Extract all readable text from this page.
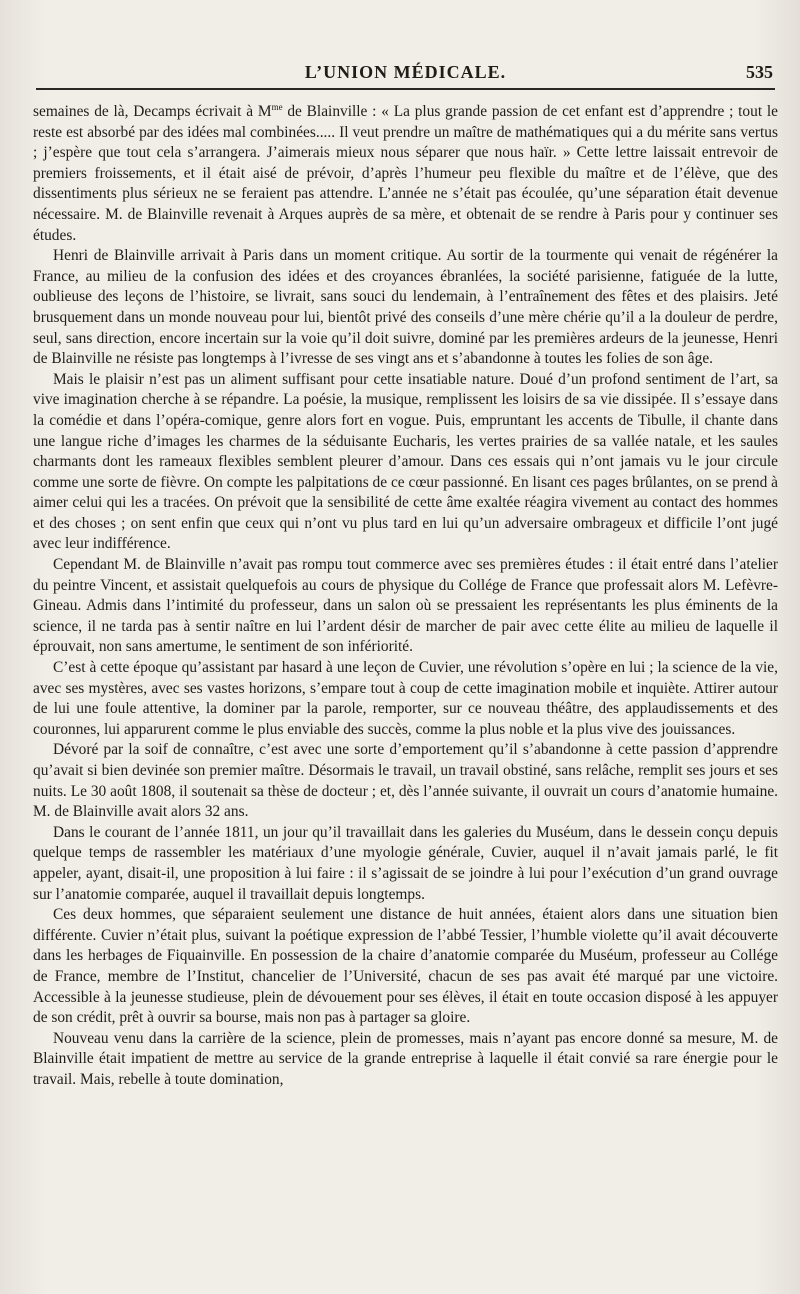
L’UNION MÉDICALE.	535

semaines de là, Decamps écrivait à $M^{me}$ de Blainville : « La plus grande passion de cet enfant est d’apprendre ; tout le reste est absorbé par des idées mal combinées..... Il veut prendre un maître de mathématiques qui a du mérite sans vertus ; j’espère que tout cela s’arrangera. J’aimerais mieux nous séparer que nous haïr. » Cette lettre laissait entrevoir de premiers froissements, et il était aisé de prévoir, d’après l’humeur peu flexible du maître et de l’élève, que des dissentiments plus sérieux ne se feraient pas attendre. L’année ne s’était pas écoulée, qu’une séparation était devenue nécessaire. M. de Blainville revenait à Arques auprès de sa mère, et obtenait de se rendre à Paris pour y continuer ses études.

Henri de Blainville arrivait à Paris dans un moment critique. Au sortir de la tourmente qui venait de régénérer la France, au milieu de la confusion des idées et des croyances ébranlées, la société parisienne, fatiguée de la lutte, oublieuse des leçons de l’histoire, se livrait, sans souci du lendemain, à l’entraînement des fêtes et des plaisirs. Jeté brusquement dans un monde nouveau pour lui, bientôt privé des conseils d’une mère chérie qu’il a la douleur de perdre, seul, sans direction, encore incertain sur la voie qu’il doit suivre, dominé par les premières ardeurs de la jeunesse, Henri de Blainville ne résiste pas longtemps à l’ivresse de ses vingt ans et s’abandonne à toutes les folies de son âge.

Mais le plaisir n’est pas un aliment suffisant pour cette insatiable nature. Doué d’un profond sentiment de l’art, sa vive imagination cherche à se répandre. La poésie, la musique, remplissent les loisirs de sa vie dissipée. Il s’essaye dans la comédie et dans l’opéra-comique, genre alors fort en vogue. Puis, empruntant les accents de Tibulle, il chante dans une langue riche d’images les charmes de la séduisante Eucharis, les vertes prairies de sa vallée natale, et les saules charmants dont les rameaux flexibles semblent pleurer d’amour. Dans ces essais qui n’ont jamais vu le jour circule comme une sorte de fièvre. On compte les palpitations de ce cœur passionné. En lisant ces pages brûlantes, on se prend à aimer celui qui les a tracées. On prévoit que la sensibilité de cette âme exaltée réagira vivement au contact des hommes et des choses ; on sent enfin que ceux qui n’ont vu plus tard en lui qu’un adversaire ombrageux et difficile l’ont jugé avec leur indifférence.

Cependant M. de Blainville n’avait pas rompu tout commerce avec ses premières études : il était entré dans l’atelier du peintre Vincent, et assistait quelquefois au cours de physique du Collége de France que professait alors M. Lefèvre-Gineau. Admis dans l’intimité du professeur, dans un salon où se pressaient les représentants les plus éminents de la science, il ne tarda pas à sentir naître en lui l’ardent désir de marcher de pair avec cette élite au milieu de laquelle il éprouvait, non sans amertume, le sentiment de son infériorité.

C’est à cette époque qu’assistant par hasard à une leçon de Cuvier, une révolution s’opère en lui ; la science de la vie, avec ses mystères, avec ses vastes horizons, s’empare tout à coup de cette imagination mobile et inquiète. Attirer autour de lui une foule attentive, la dominer par la parole, remporter, sur ce nouveau théâtre, des applaudissements et des couronnes, lui apparurent comme le plus enviable des succès, comme la plus noble et la plus vive des jouissances.

Dévoré par la soif de connaître, c’est avec une sorte d’emportement qu’il s’abandonne à cette passion d’apprendre qu’avait si bien devinée son premier maître. Désormais le travail, un travail obstiné, sans relâche, remplit ses jours et ses nuits. Le 30 août 1808, il soutenait sa thèse de docteur ; et, dès l’année suivante, il ouvrait un cours d’anatomie humaine. M. de Blainville avait alors 32 ans.

Dans le courant de l’année 1811, un jour qu’il travaillait dans les galeries du Muséum, dans le dessein conçu depuis quelque temps de rassembler les matériaux d’une myologie générale, Cuvier, auquel il n’avait jamais parlé, le fit appeler, ayant, disait-il, une proposition à lui faire : il s’agissait de se joindre à lui pour l’exécution d’un grand ouvrage sur l’anatomie comparée, auquel il travaillait depuis longtemps.

Ces deux hommes, que séparaient seulement une distance de huit années, étaient alors dans une situation bien différente. Cuvier n’était plus, suivant la poétique expression de l’abbé Tessier, l’humble violette qu’il avait découverte dans les herbages de Fiquainville. En possession de la chaire d’anatomie comparée du Muséum, professeur au Collége de France, membre de l’Institut, chancelier de l’Université, chacun de ses pas avait été marqué par une victoire. Accessible à la jeunesse studieuse, plein de dévouement pour ses élèves, il était en toute occasion disposé à les appuyer de son crédit, prêt à ouvrir sa bourse, mais non pas à partager sa gloire.

Nouveau venu dans la carrière de la science, plein de promesses, mais n’ayant pas encore donné sa mesure, M. de Blainville était impatient de mettre au service de la grande entreprise à laquelle il était convié sa rare énergie pour le travail. Mais, rebelle à toute domination,
